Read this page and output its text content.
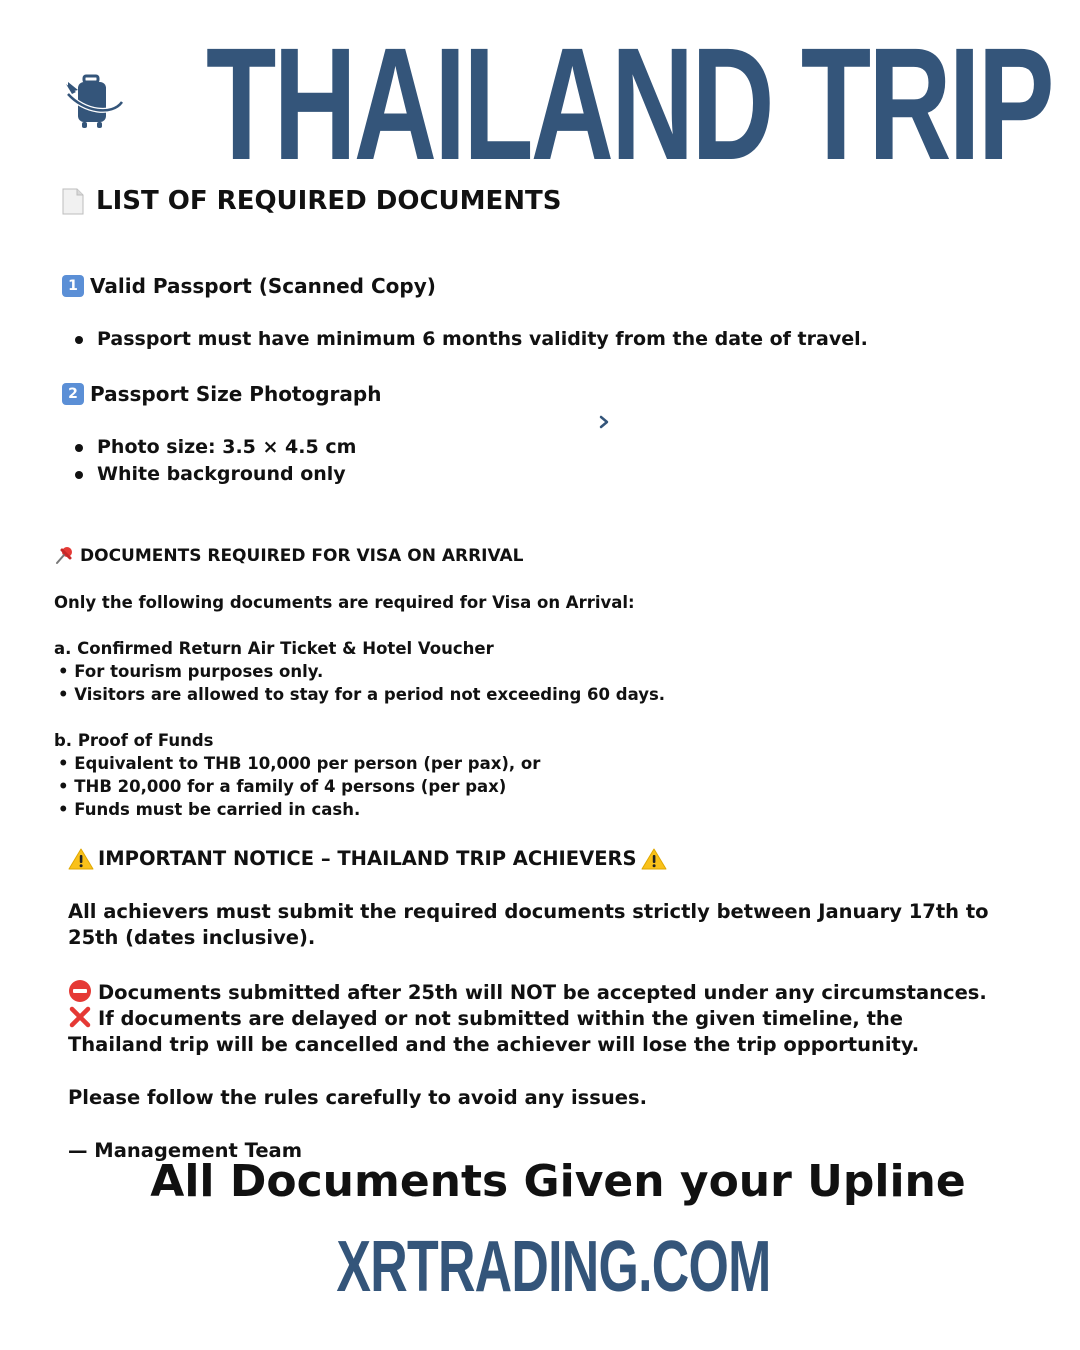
THAILAND TRIP
LIST OF REQUIRED DOCUMENTS
1 Valid Passport (Scanned Copy)
Passport must have minimum 6 months validity from the date of travel.
2 Passport Size Photograph
Photo size: 3.5 × 4.5 cm
White background only
DOCUMENTS REQUIRED FOR VISA ON ARRIVAL
Only the following documents are required for Visa on Arrival:
a. Confirmed Return Air Ticket & Hotel Voucher
• For tourism purposes only.
• Visitors are allowed to stay for a period not exceeding 60 days.
b. Proof of Funds
• Equivalent to THB 10,000 per person (per pax), or
• THB 20,000 for a family of 4 persons (per pax)
• Funds must be carried in cash.
IMPORTANT NOTICE – THAILAND TRIP ACHIEVERS
All achievers must submit the required documents strictly between January 17th to 25th (dates inclusive).
Documents submitted after 25th will NOT be accepted under any circumstances.
If documents are delayed or not submitted within the given timeline, the Thailand trip will be cancelled and the achiever will lose the trip opportunity.
Please follow the rules carefully to avoid any issues.
— Management Team
All Documents Given your Upline
XRTRADING.COM
